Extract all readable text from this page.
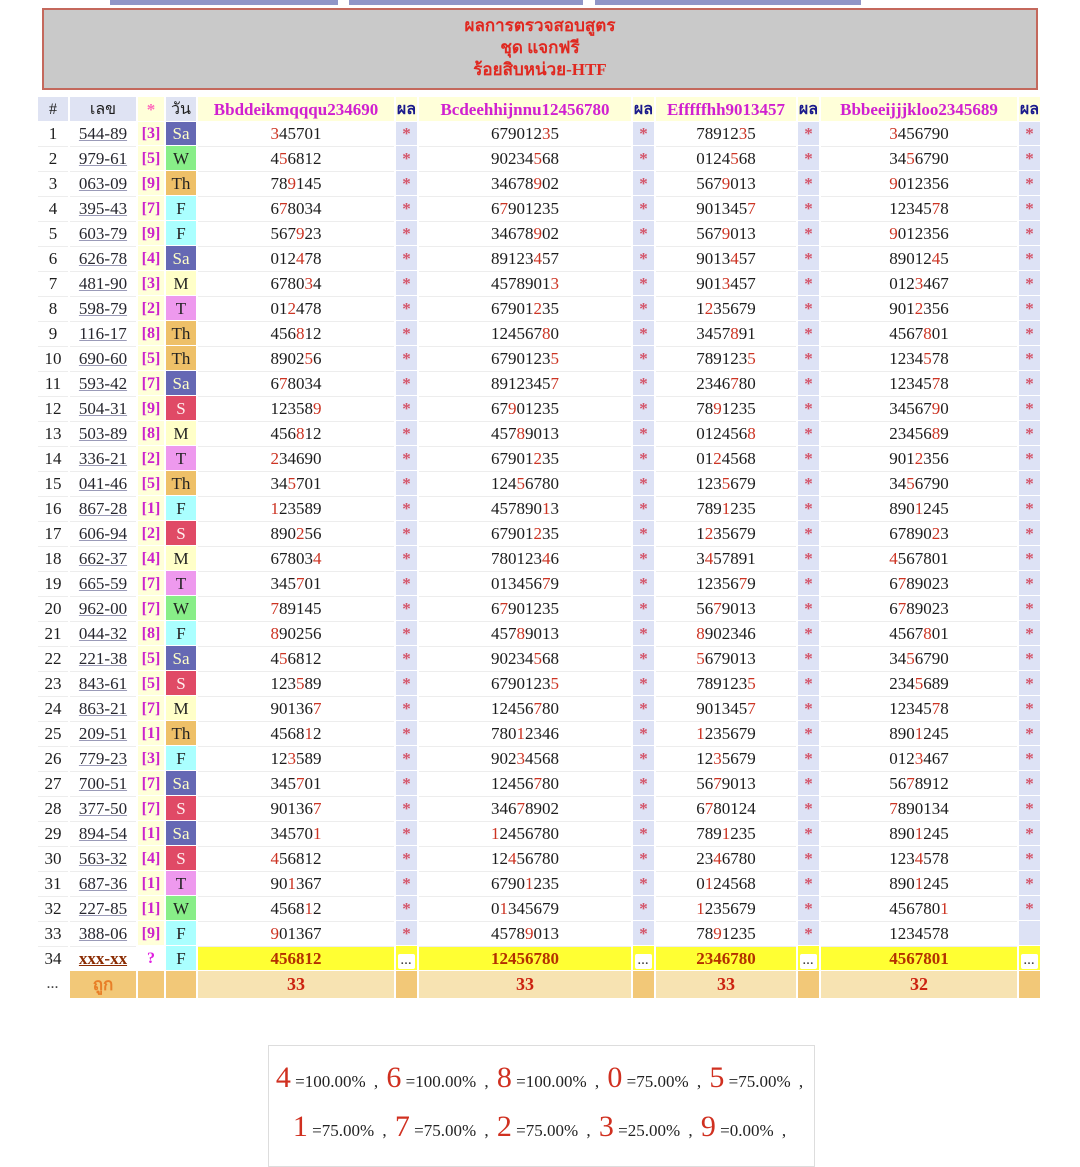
ผลการตรวจสอบสูตร
ชุด แจกฟรี
ร้อยสิบหน่วย-HTF
#	เลข	*	วัน	Bbddeikmqqqu234690	ผล	Bcdeehhijnnu12456780	ผล	Efffffhh9013457	ผล	Bbbeeijjjkloo2345689	ผล
1	544-89	[3]	Sa	345701	*	67901235	*	7891235	*	3456790	*
2	979-61	[5]	W	456812	*	90234568	*	0124568	*	3456790	*
3	063-09	[9]	Th	789145	*	34678902	*	5679013	*	9012356	*
4	395-43	[7]	F	678034	*	67901235	*	9013457	*	1234578	*
5	603-79	[9]	F	567923	*	34678902	*	5679013	*	9012356	*
6	626-78	[4]	Sa	012478	*	89123457	*	9013457	*	8901245	*
7	481-90	[3]	M	678034	*	45789013	*	9013457	*	0123467	*
8	598-79	[2]	T	012478	*	67901235	*	1235679	*	9012356	*
9	116-17	[8]	Th	456812	*	12456780	*	3457891	*	4567801	*
10	690-60	[5]	Th	890256	*	67901235	*	7891235	*	1234578	*
11	593-42	[7]	Sa	678034	*	89123457	*	2346780	*	1234578	*
12	504-31	[9]	S	123589	*	67901235	*	7891235	*	3456790	*
13	503-89	[8]	M	456812	*	45789013	*	0124568	*	2345689	*
14	336-21	[2]	T	234690	*	67901235	*	0124568	*	9012356	*
15	041-46	[5]	Th	345701	*	12456780	*	1235679	*	3456790	*
16	867-28	[1]	F	123589	*	45789013	*	7891235	*	8901245	*
17	606-94	[2]	S	890256	*	67901235	*	1235679	*	6789023	*
18	662-37	[4]	M	678034	*	78012346	*	3457891	*	4567801	*
19	665-59	[7]	T	345701	*	01345679	*	1235679	*	6789023	*
20	962-00	[7]	W	789145	*	67901235	*	5679013	*	6789023	*
21	044-32	[8]	F	890256	*	45789013	*	8902346	*	4567801	*
22	221-38	[5]	Sa	456812	*	90234568	*	5679013	*	3456790	*
23	843-61	[5]	S	123589	*	67901235	*	7891235	*	2345689	*
24	863-21	[7]	M	901367	*	12456780	*	9013457	*	1234578	*
25	209-51	[1]	Th	456812	*	78012346	*	1235679	*	8901245	*
26	779-23	[3]	F	123589	*	90234568	*	1235679	*	0123467	*
27	700-51	[7]	Sa	345701	*	12456780	*	5679013	*	5678912	*
28	377-50	[7]	S	901367	*	34678902	*	6780124	*	7890134	*
29	894-54	[1]	Sa	345701	*	12456780	*	7891235	*	8901245	*
30	563-32	[4]	S	456812	*	12456780	*	2346780	*	1234578	*
31	687-36	[1]	T	901367	*	67901235	*	0124568	*	8901245	*
32	227-85	[1]	W	456812	*	01345679	*	1235679	*	4567801	*
33	388-06	[9]	F	901367	*	45789013	*	7891235	*	1234578	
34	xxx-xx	?	F	456812	...	12456780	...	2346780	...	4567801	...
...	ถูก			33		33		33		32	
4 =100.00% , 6 =100.00% , 8 =100.00% , 0 =75.00% , 5 =75.00% ,
1 =75.00% , 7 =75.00% , 2 =75.00% , 3 =25.00% , 9 =0.00% ,
